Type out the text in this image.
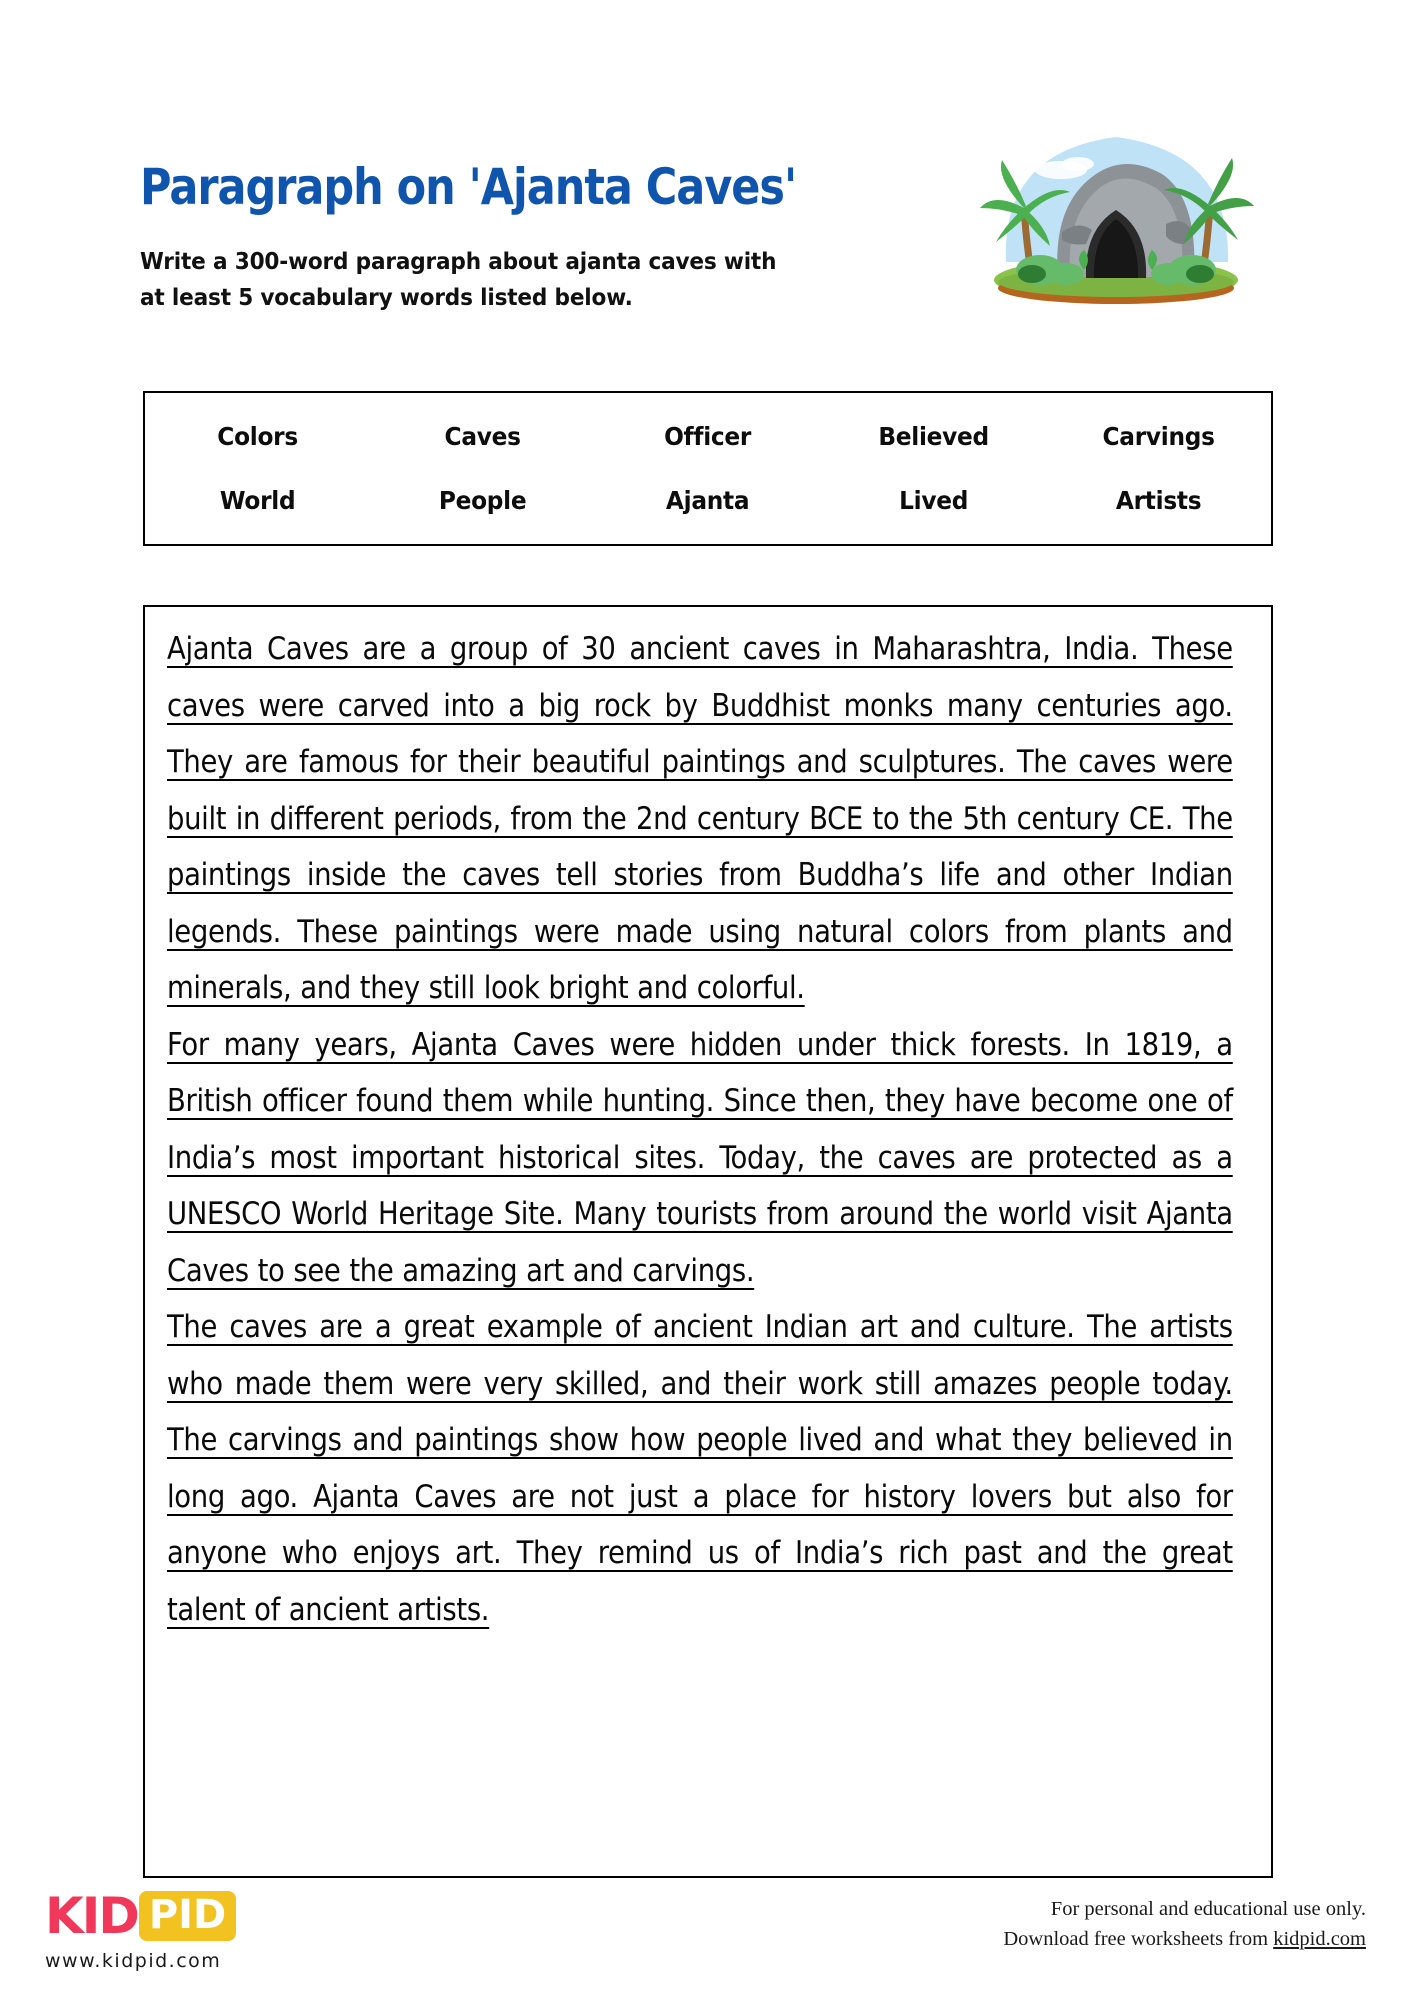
Paragraph on 'Ajanta Caves'
Write a 300-word paragraph about ajanta caves with
at least 5 vocabulary words listed below.
Colors	Caves	Officer	Believed	Carvings
World	People	Ajanta	Lived	Artists

Ajanta Caves are a group of 30 ancient caves in Maharashtra, India. These caves were carved into a big rock by Buddhist monks many centuries ago. They are famous for their beautiful paintings and sculptures. The caves were built in different periods, from the 2nd century BCE to the 5th century CE. The paintings inside the caves tell stories from Buddha’s life and other Indian legends. These paintings were made using natural colors from plants and minerals, and they still look bright and colorful.

For many years, Ajanta Caves were hidden under thick forests. In 1819, a British officer found them while hunting. Since then, they have become one of India’s most important historical sites. Today, the caves are protected as a UNESCO World Heritage Site. Many tourists from around the world visit Ajanta Caves to see the amazing art and carvings.

The caves are a great example of ancient Indian art and culture. The artists who made them were very skilled, and their work still amazes people today. The carvings and paintings show how people lived and what they believed in long ago. Ajanta Caves are not just a place for history lovers but also for anyone who enjoys art. They remind us of India’s rich past and the great talent of ancient artists.

KID PID
www.kidpid.com
For personal and educational use only.
Download free worksheets from kidpid.com
